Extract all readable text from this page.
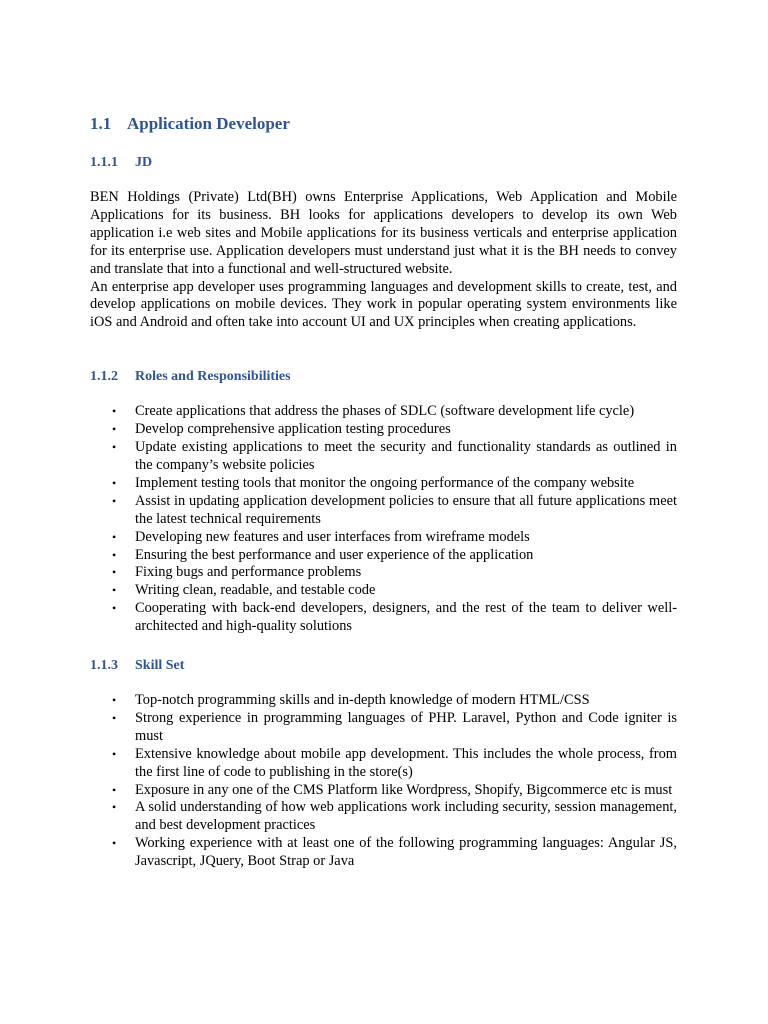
1.1 Application Developer
1.1.1 JD

BEN Holdings (Private) Ltd(BH) owns Enterprise Applications, Web Application and Mobile Applications for its business. BH looks for applications developers to develop its own Web application i.e web sites and Mobile applications for its business verticals and enterprise application for its enterprise use. Application developers must understand just what it is the BH needs to convey and translate that into a functional and well-structured website.

An enterprise app developer uses programming languages and development skills to create, test, and develop applications on mobile devices. They work in popular operating system environments like iOS and Android and often take into account UI and UX principles when creating applications.

1.1.2 Roles and Responsibilities
• Create applications that address the phases of SDLC (software development life cycle)
• Develop comprehensive application testing procedures
• Update existing applications to meet the security and functionality standards as outlined in the company’s website policies
• Implement testing tools that monitor the ongoing performance of the company website
• Assist in updating application development policies to ensure that all future applications meet the latest technical requirements
• Developing new features and user interfaces from wireframe models
• Ensuring the best performance and user experience of the application
• Fixing bugs and performance problems
• Writing clean, readable, and testable code
• Cooperating with back-end developers, designers, and the rest of the team to deliver well-architected and high-quality solutions
1.1.3 Skill Set
• Top-notch programming skills and in-depth knowledge of modern HTML/CSS
• Strong experience in programming languages of PHP. Laravel, Python and Code igniter is must
• Extensive knowledge about mobile app development. This includes the whole process, from the first line of code to publishing in the store(s)
• Exposure in any one of the CMS Platform like Wordpress, Shopify, Bigcommerce etc is must
• A solid understanding of how web applications work including security, session management, and best development practices
• Working experience with at least one of the following programming languages: Angular JS, Javascript, JQuery, Boot Strap or Java
